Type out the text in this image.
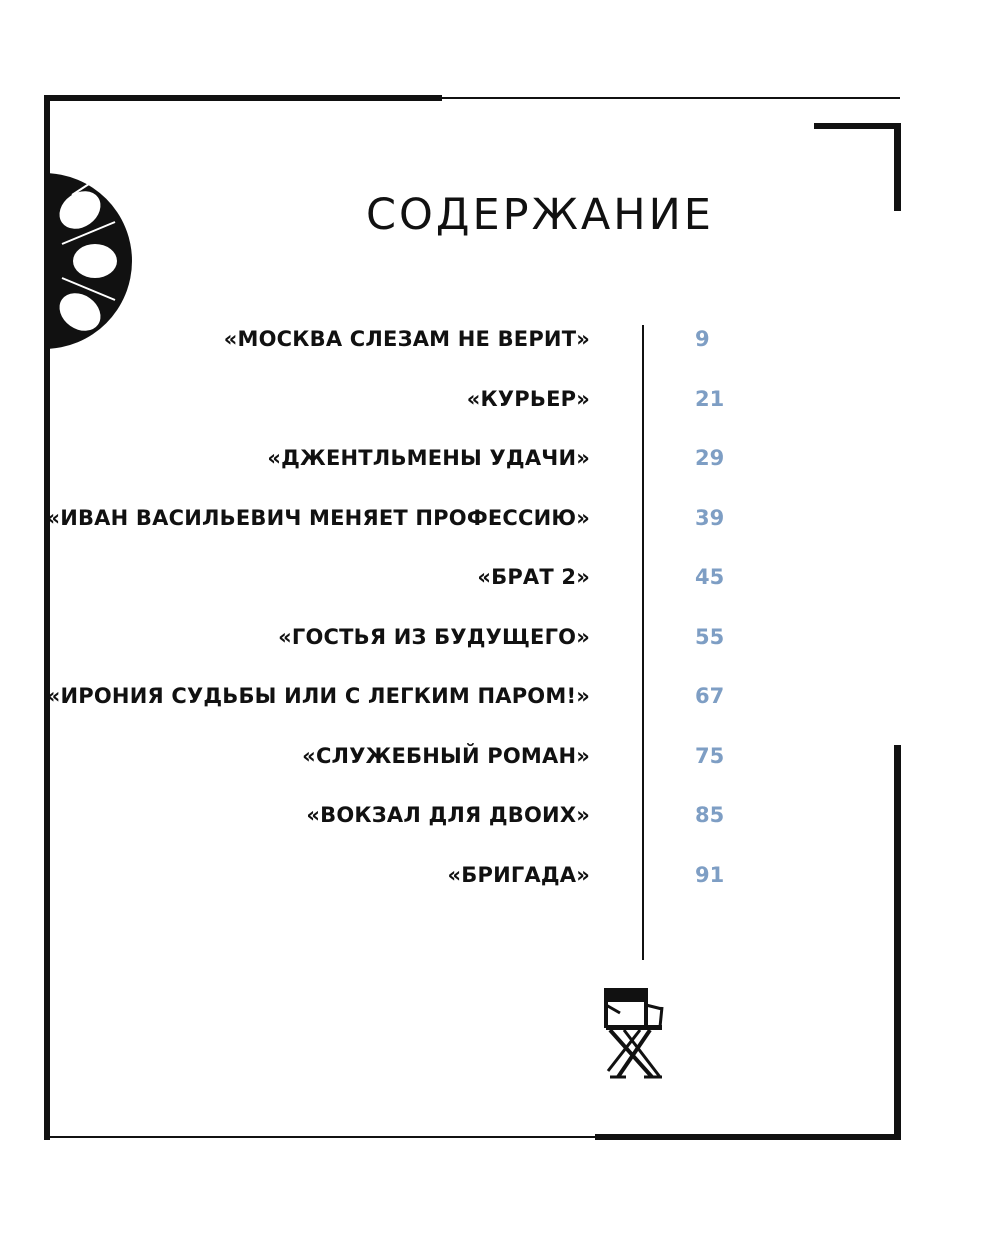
СОДЕРЖАНИЕ
«МОСКВА СЛЕЗАМ НЕ ВЕРИТ»	9
«КУРЬЕР»	21
«ДЖЕНТЛЬМЕНЫ УДАЧИ»	29
«ИВАН ВАСИЛЬЕВИЧ МЕНЯЕТ ПРОФЕССИЮ»	39
«БРАТ 2»	45
«ГОСТЬЯ ИЗ БУДУЩЕГО»	55
«ИРОНИЯ СУДЬБЫ ИЛИ С ЛЕГКИМ ПАРОМ!»	67
«СЛУЖЕБНЫЙ РОМАН»	75
«ВОКЗАЛ ДЛЯ ДВОИХ»	85
«БРИГАДА»	91
